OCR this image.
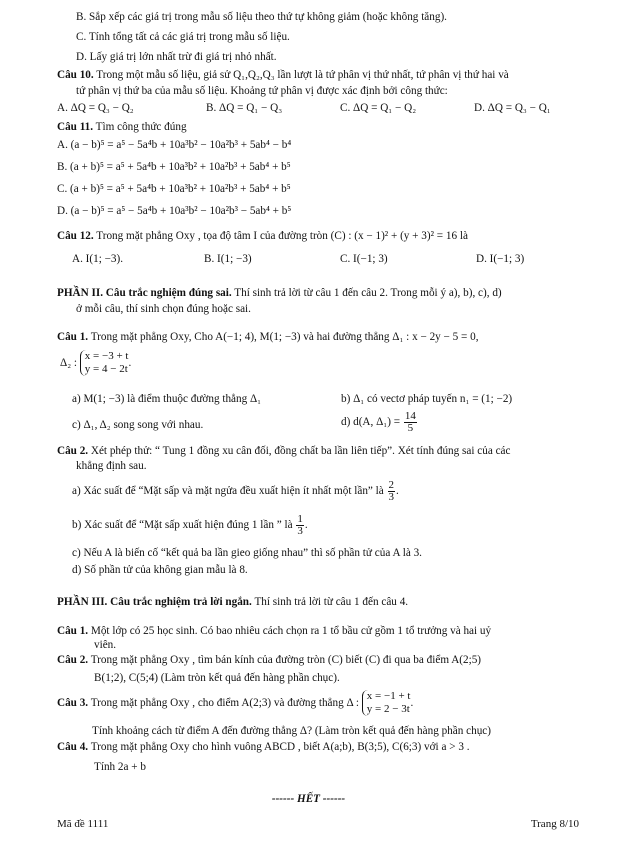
B. Sắp xếp các giá trị trong mẫu số liệu theo thứ tự không giảm (hoặc không tăng).
C. Tính tổng tất cả các giá trị trong mẫu số liệu.
D. Lấy giá trị lớn nhất trừ đi giá trị nhỏ nhất.
Câu 10. Trong một mẫu số liệu, giả sử Q₁,Q₂,Q₃ lần lượt là tứ phân vị thứ nhất, tứ phân vị thứ hai và
tứ phân vị thứ ba của mẫu số liệu. Khoảng tứ phân vị được xác định bởi công thức:
A. ΔQ = Q₃ − Q₂	B. ΔQ = Q₁ − Q₃	C. ΔQ = Q₁ − Q₂	D. ΔQ = Q₃ − Q₁
Câu 11. Tìm công thức đúng
A. (a − b)⁵ = a⁵ − 5a⁴b + 10a³b² − 10a²b³ + 5ab⁴ − b⁴
B. (a + b)⁵ = a⁵ + 5a⁴b + 10a³b² + 10a²b³ + 5ab⁴ + b⁵
C. (a + b)⁵ = a⁵ + 5a⁴b + 10a³b² + 10a²b³ + 5ab⁴ + b⁵
D. (a − b)⁵ = a⁵ − 5a⁴b + 10a³b² − 10a²b³ − 5ab⁴ + b⁵
Câu 12. Trong mặt phẳng Oxy , tọa độ tâm I của đường tròn (C) : (x − 1)² + (y + 3)² = 16 là
A. I(1; −3).	B. I(1; −3)	C. I(−1; 3)	D. I(−1; 3)
PHẦN II. Câu trắc nghiệm đúng sai. Thí sinh trả lời từ câu 1 đến câu 2. Trong mỗi ý a), b), c), d)
ở mỗi câu, thí sinh chọn đúng hoặc sai.
Câu 1. Trong mặt phẳng Oxy, Cho A(−1; 4), M(1; −3) và hai đường thẳng Δ₁ : x − 2y − 5 = 0,
Δ₂ :
x = −3 + t
y = 4 − 2t
.
a) M(1; −3) là điểm thuộc đường thẳng Δ₁	b) Δ₁ có vectơ pháp tuyến n₁ = (1; −2)
c) Δ₁, Δ₂ song song với nhau.	d) d(A, $\Delta_1) = \frac{14}{5}$
Câu 2. Xét phép thử: “ Tung 1 đồng xu cân đối, đồng chất ba lần liên tiếp”. Xét tính đúng sai của các
khẳng định sau.
a) Xác suất để “Mặt sấp và mặt ngửa đều xuất hiện ít nhất một lần” là $\frac{2}{3}$ .
b) Xác suất để “Mặt sấp xuất hiện đúng 1 lần ” là $\frac{1}{3}$ .
c) Nếu A là biến cố “kết quả ba lần gieo giống nhau” thì số phần tử của A là 3.
d) Số phần tử của không gian mẫu là 8.
PHẦN III. Câu trắc nghiệm trả lời ngắn. Thí sinh trả lời từ câu 1 đến câu 4.
Câu 1. Một lớp có 25 học sinh. Có bao nhiêu cách chọn ra 1 tổ bầu cử gồm 1 tổ trưởng và hai uỷ
viên.
Câu 2. Trong mặt phẳng Oxy , tìm bán kính của đường tròn (C) biết (C) đi qua ba điểm A(2;5)
B(1;2), C(5;4) (Làm tròn kết quả đến hàng phần chục).
Câu 3. Trong mặt phẳng Oxy , cho điểm A(2;3) và đường thẳng Δ :
x = −1 + t
y = 2 − 3t
.
Tính khoảng cách từ điểm A đến đường thẳng Δ? (Làm tròn kết quả đến hàng phần chục)
Câu 4. Trong mặt phẳng Oxy cho hình vuông ABCD , biết A(a;b), B(3;5), C(6;3) với a > 3 .
Tính 2a + b
------ HẾT ------
Mã đề 1111	Trang 8/10
